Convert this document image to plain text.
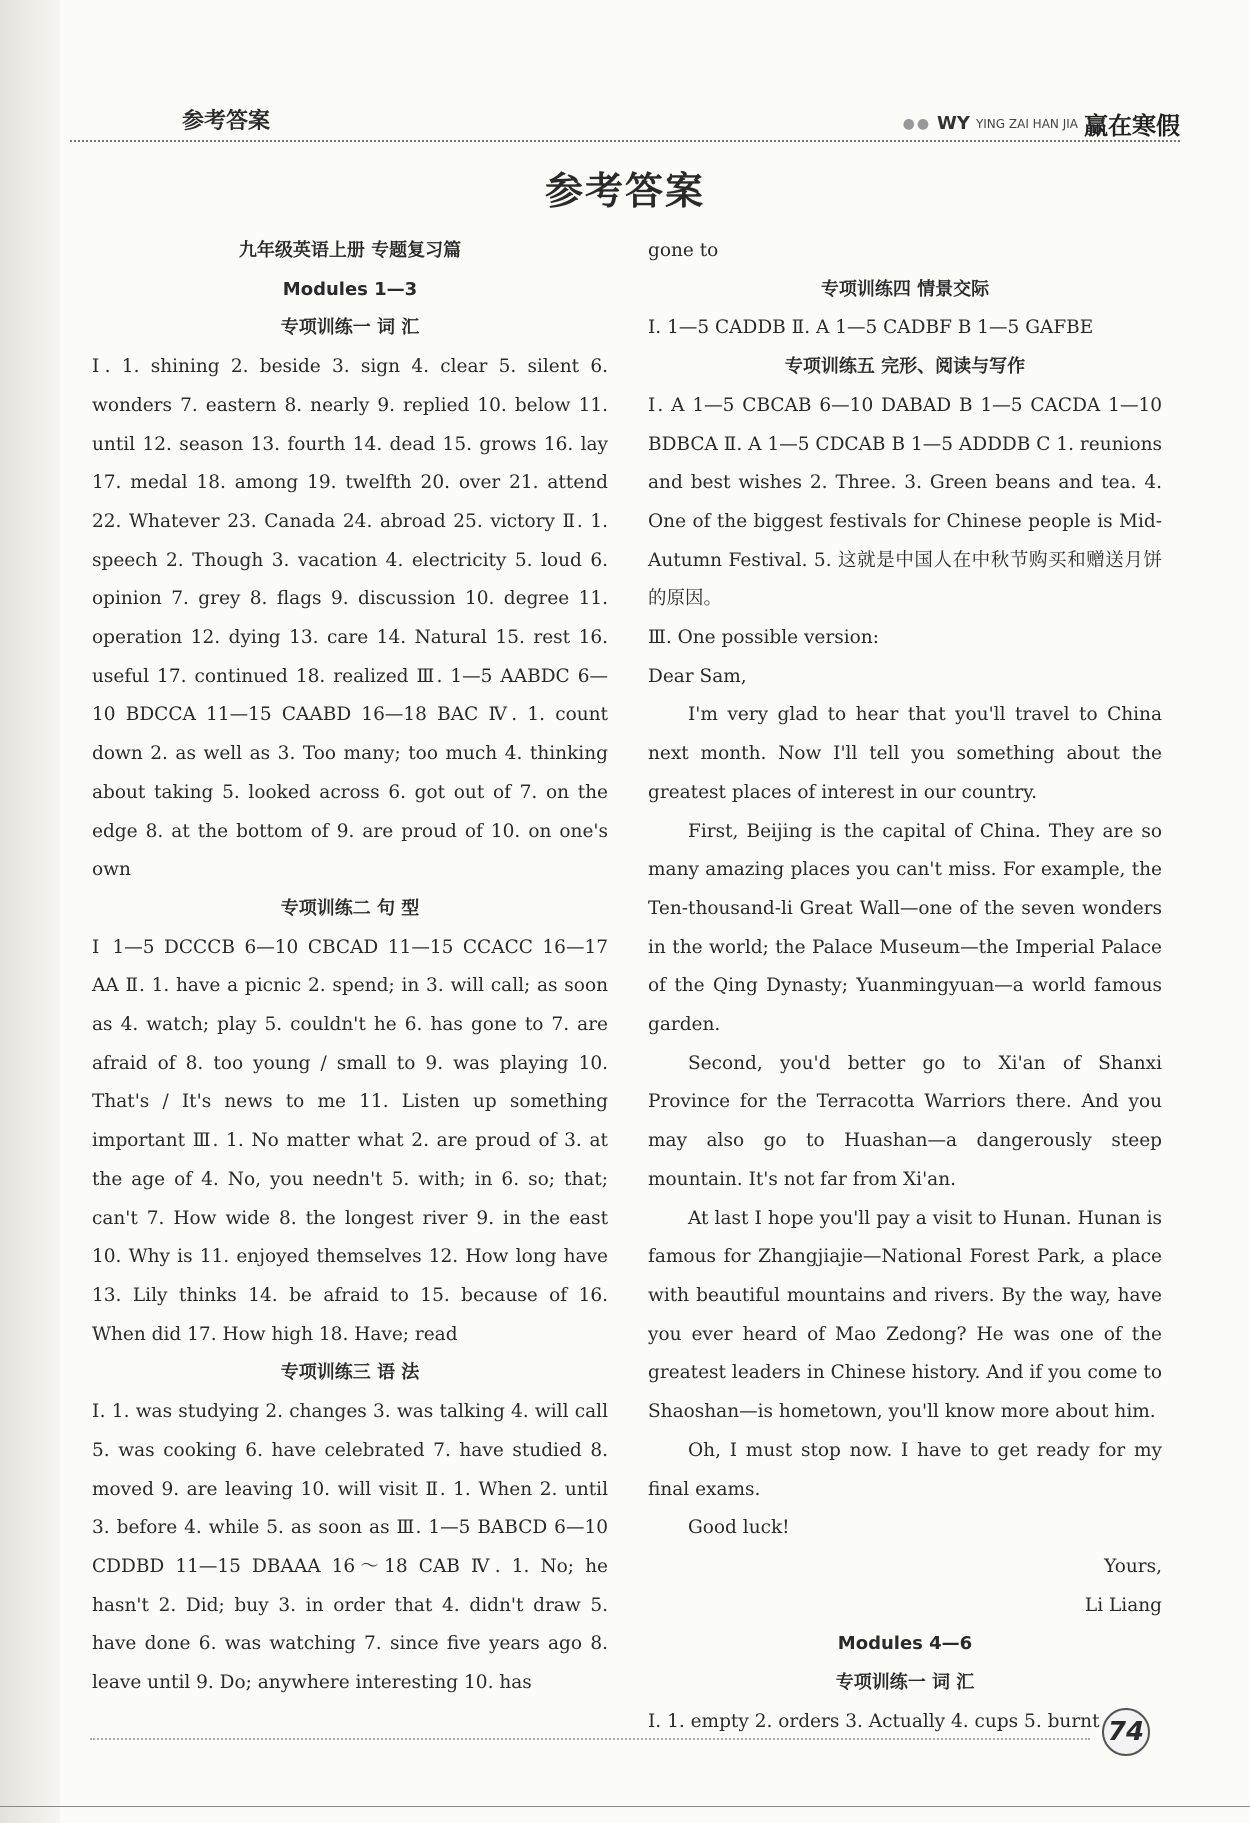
参考答案	●● WY YING ZAI HAN JIA 赢在寒假
参考答案

九年级英语上册 专题复习篇

Modules 1—3

专项训练一 词 汇

Ⅰ. 1. shining 2. beside 3. sign 4. clear 5. silent 6. wonders 7. eastern 8. nearly 9. replied 10. below 11. until 12. season 13. fourth 14. dead 15. grows 16. lay 17. medal 18. among 19. twelfth 20. over 21. attend 22. Whatever 23. Canada 24. abroad 25. victory Ⅱ. 1. speech 2. Though 3. vacation 4. electricity 5. loud 6. opinion 7. grey 8. flags 9. discussion 10. degree 11. operation 12. dying 13. care 14. Natural 15. rest 16. useful 17. continued 18. realized Ⅲ. 1—5 AABDC 6—10 BDCCA 11—15 CAABD 16—18 BAC Ⅳ. 1. count down 2. as well as 3. Too many; too much 4. thinking about taking 5. looked across 6. got out of 7. on the edge 8. at the bottom of 9. are proud of 10. on one's own

专项训练二 句 型

Ⅰ 1—5 DCCCB 6—10 CBCAD 11—15 CCACC 16—17 AA Ⅱ. 1. have a picnic 2. spend; in 3. will call; as soon as 4. watch; play 5. couldn't he 6. has gone to 7. are afraid of 8. too young / small to 9. was playing 10. That's / It's news to me 11. Listen up something important Ⅲ. 1. No matter what 2. are proud of 3. at the age of 4. No, you needn't 5. with; in 6. so; that; can't 7. How wide 8. the longest river 9. in the east 10. Why is 11. enjoyed themselves 12. How long have 13. Lily thinks 14. be afraid to 15. because of 16. When did 17. How high 18. Have; read

专项训练三 语 法

Ⅰ. 1. was studying 2. changes 3. was talking 4. will call 5. was cooking 6. have celebrated 7. have studied 8. moved 9. are leaving 10. will visit Ⅱ. 1. When 2. until 3. before 4. while 5. as soon as Ⅲ. 1—5 BABCD 6—10 CDDBD 11—15 DBAAA 16～18 CAB Ⅳ. 1. No; he hasn't 2. Did; buy 3. in order that 4. didn't draw 5. have done 6. was watching 7. since five years ago 8. leave until 9. Do; anywhere interesting 10. has

gone to

专项训练四 情景交际

Ⅰ. 1—5 CADDB Ⅱ. A 1—5 CADBF B 1—5 GAFBE

专项训练五 完形、阅读与写作

Ⅰ. A 1—5 CBCAB 6—10 DABAD B 1—5 CACDA 1—10 BDBCA Ⅱ. A 1—5 CDCAB B 1—5 ADDDB C 1. reunions and best wishes 2. Three. 3. Green beans and tea. 4. One of the biggest festivals for Chinese people is Mid-Autumn Festival. 5. 这就是中国人在中秋节购买和赠送月饼的原因。

Ⅲ. One possible version:

Dear Sam,

I'm very glad to hear that you'll travel to China next month. Now I'll tell you something about the greatest places of interest in our country.

First, Beijing is the capital of China. They are so many amazing places you can't miss. For example, the Ten-thousand-li Great Wall—one of the seven wonders in the world; the Palace Museum—the Imperial Palace of the Qing Dynasty; Yuanmingyuan—a world famous garden.

Second, you'd better go to Xi'an of Shanxi Province for the Terracotta Warriors there. And you may also go to Huashan—a dangerously steep mountain. It's not far from Xi'an.

At last I hope you'll pay a visit to Hunan. Hunan is famous for Zhangjiajie—National Forest Park, a place with beautiful mountains and rivers. By the way, have you ever heard of Mao Zedong? He was one of the greatest leaders in Chinese history. And if you come to Shaoshan—is hometown, you'll know more about him.

Oh, I must stop now. I have to get ready for my final exams.

Good luck!

Yours,

Li Liang

Modules 4—6

专项训练一 词 汇

Ⅰ. 1. empty 2. orders 3. Actually 4. cups 5. burnt 74
